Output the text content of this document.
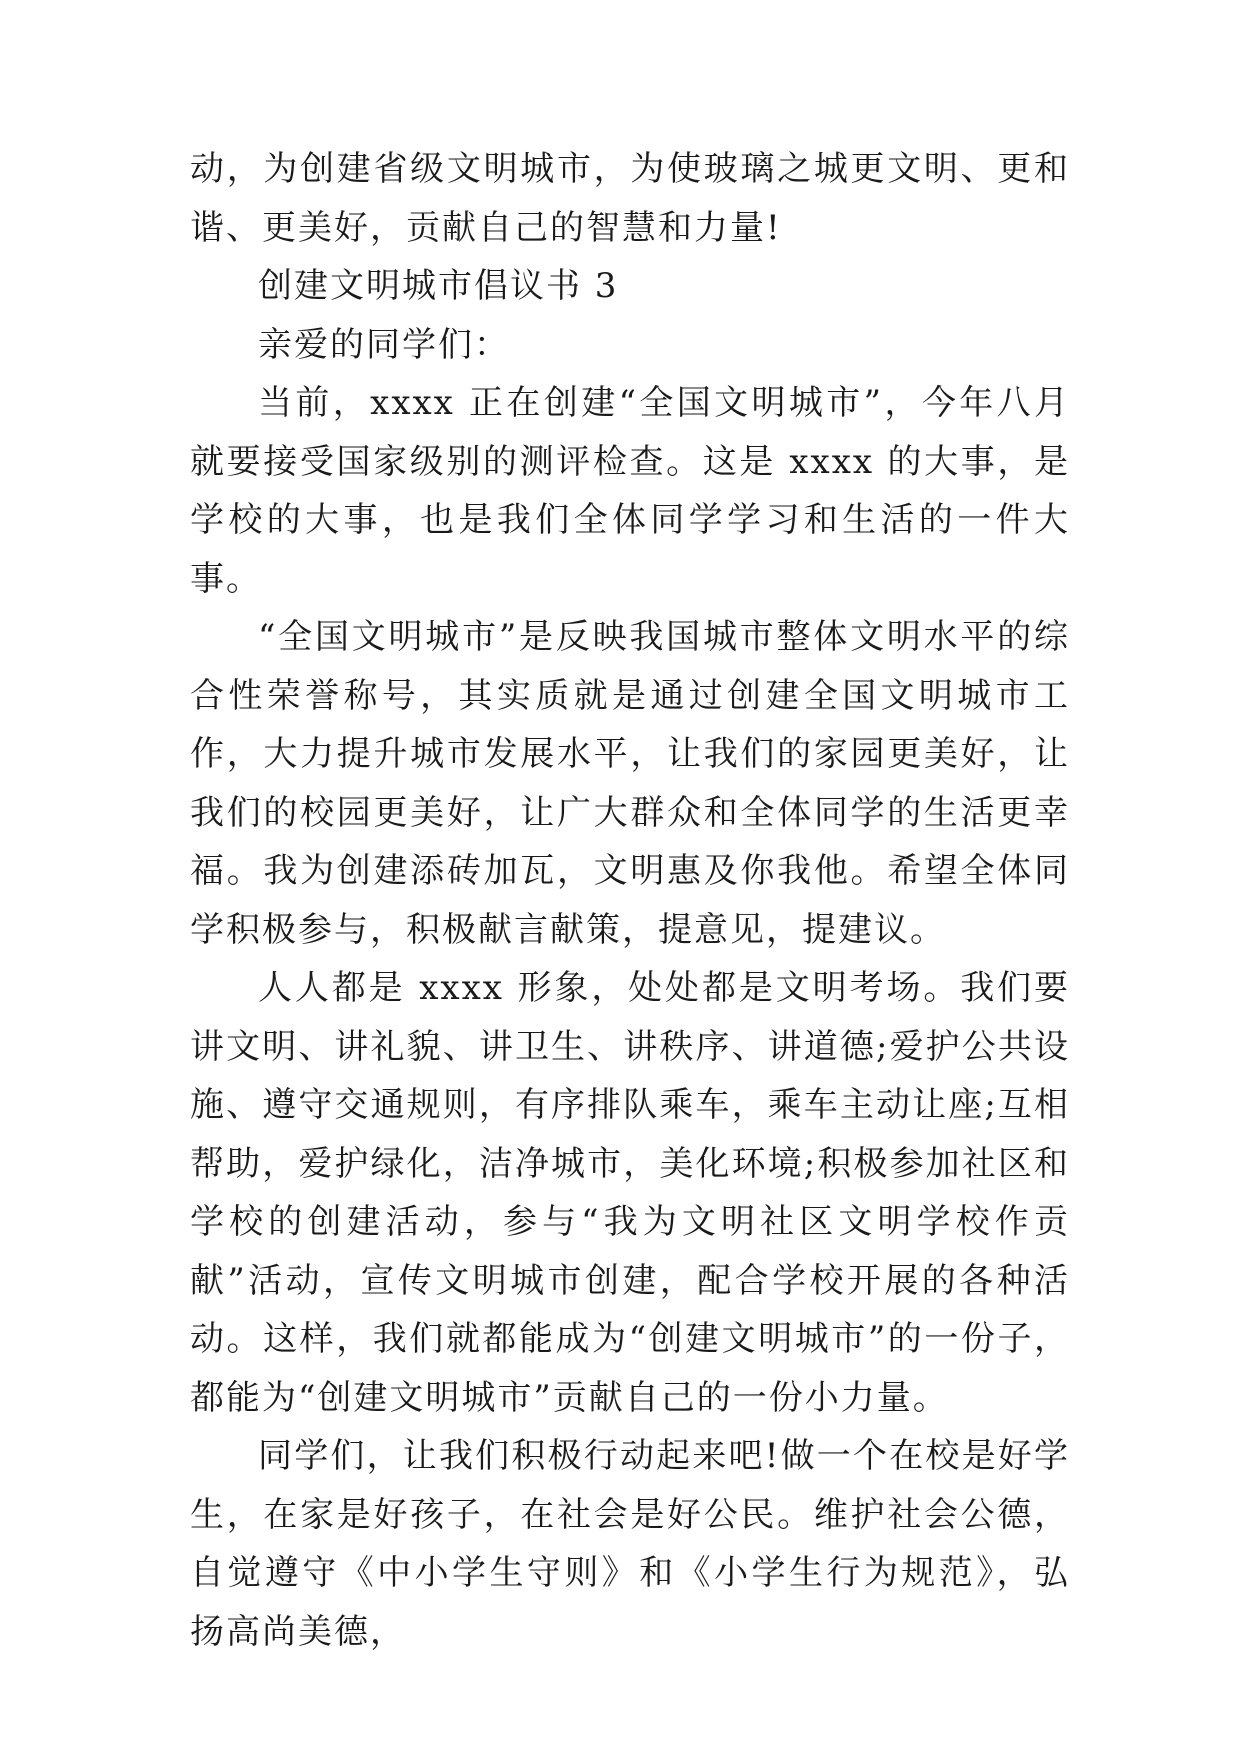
动，为创建省级文明城市，为使玻璃之城更文明、更和谐、更美好，贡献自己的智慧和力量!

创建文明城市倡议书 3

亲爱的同学们：

当前，xxxx 正在创建“全国文明城市”，今年八月就要接受国家级别的测评检查。这是 xxxx 的大事，是学校的大事，也是我们全体同学学习和生活的一件大事。

“全国文明城市”是反映我国城市整体文明水平的综合性荣誉称号，其实质就是通过创建全国文明城市工作，大力提升城市发展水平，让我们的家园更美好，让我们的校园更美好，让广大群众和全体同学的生活更幸福。我为创建添砖加瓦，文明惠及你我他。希望全体同学积极参与，积极献言献策，提意见，提建议。

人人都是 xxxx 形象，处处都是文明考场。我们要讲文明、讲礼貌、讲卫生、讲秩序、讲道德;爱护公共设施、遵守交通规则，有序排队乘车，乘车主动让座;互相帮助，爱护绿化，洁净城市，美化环境;积极参加社区和学校的创建活动，参与“我为文明社区文明学校作贡献”活动，宣传文明城市创建，配合学校开展的各种活动。这样，我们就都能成为“创建文明城市”的一份子，都能为“创建文明城市”贡献自己的一份小力量。

同学们，让我们积极行动起来吧!做一个在校是好学生，在家是好孩子，在社会是好公民。维护社会公德，自觉遵守《中小学生守则》和《小学生行为规范》，弘扬高尚美德，
